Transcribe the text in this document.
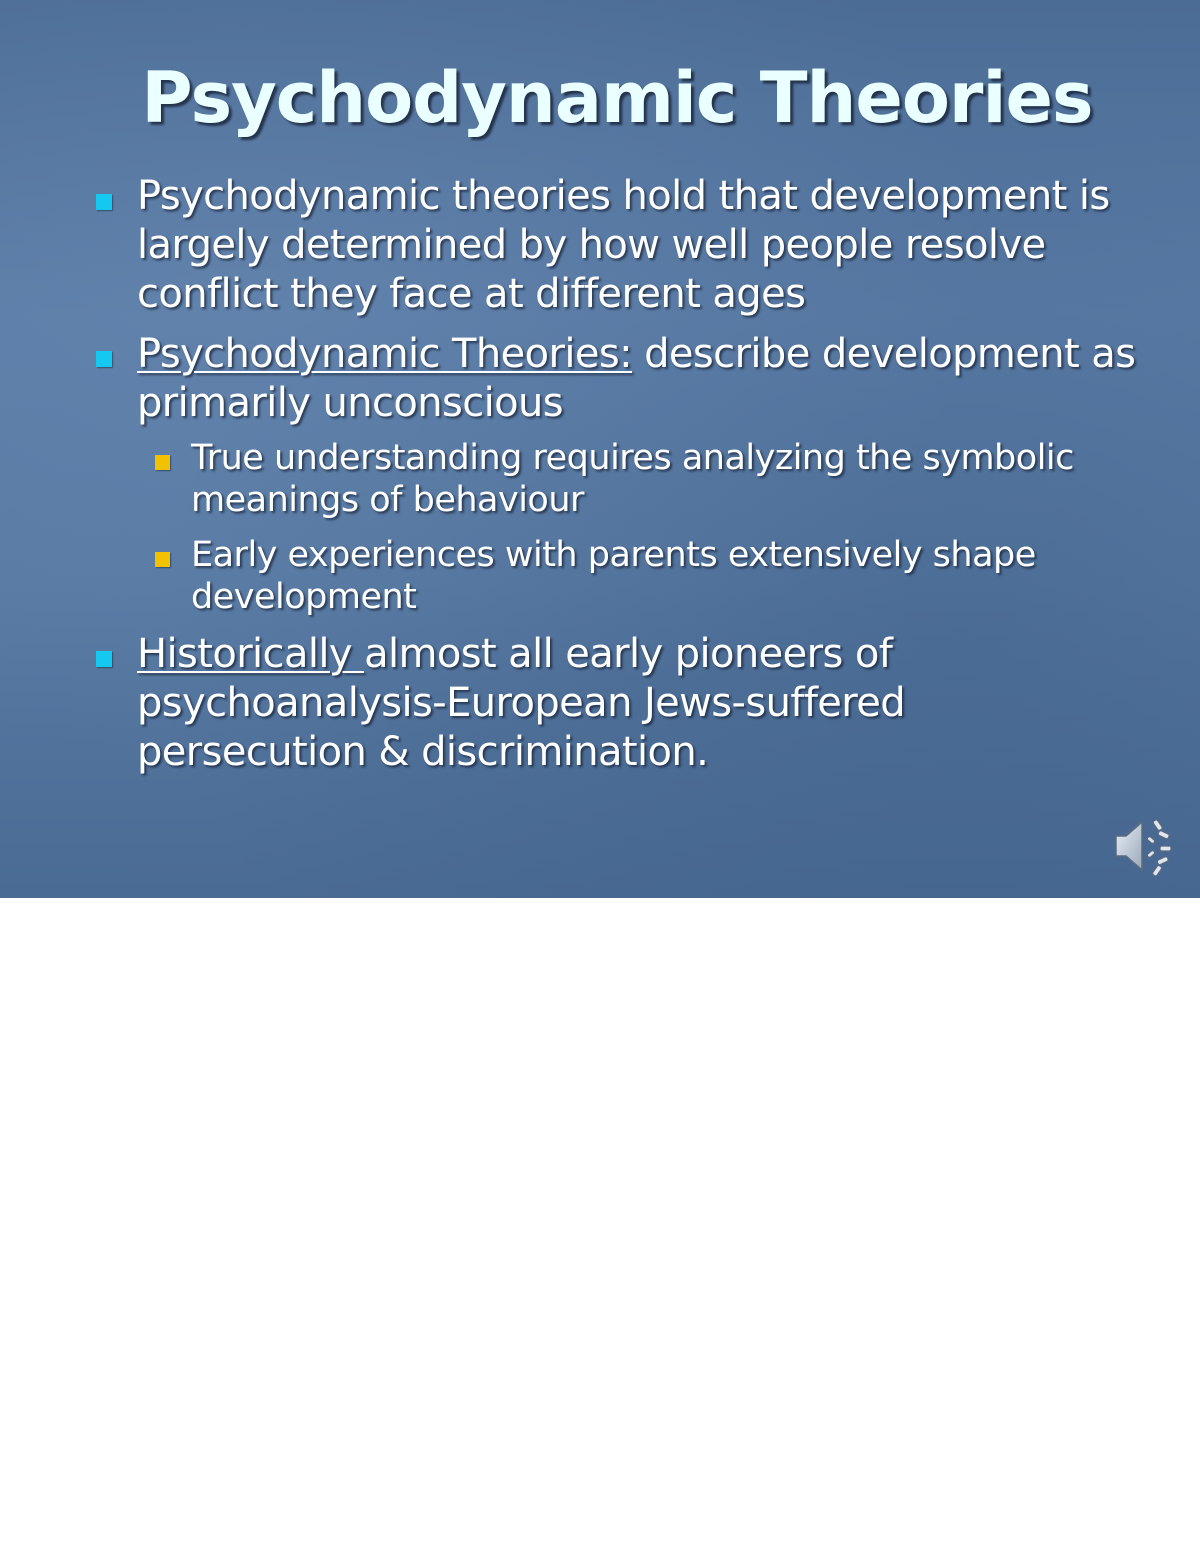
Psychodynamic Theories
Psychodynamic theories hold that development is largely determined by how well people resolve conflict they face at different ages
Psychodynamic Theories: describe development as primarily unconscious
True understanding requires analyzing the symbolic meanings of behaviour
Early experiences with parents extensively shape development
Historically almost all early pioneers of psychoanalysis-European Jews-suffered persecution & discrimination.
